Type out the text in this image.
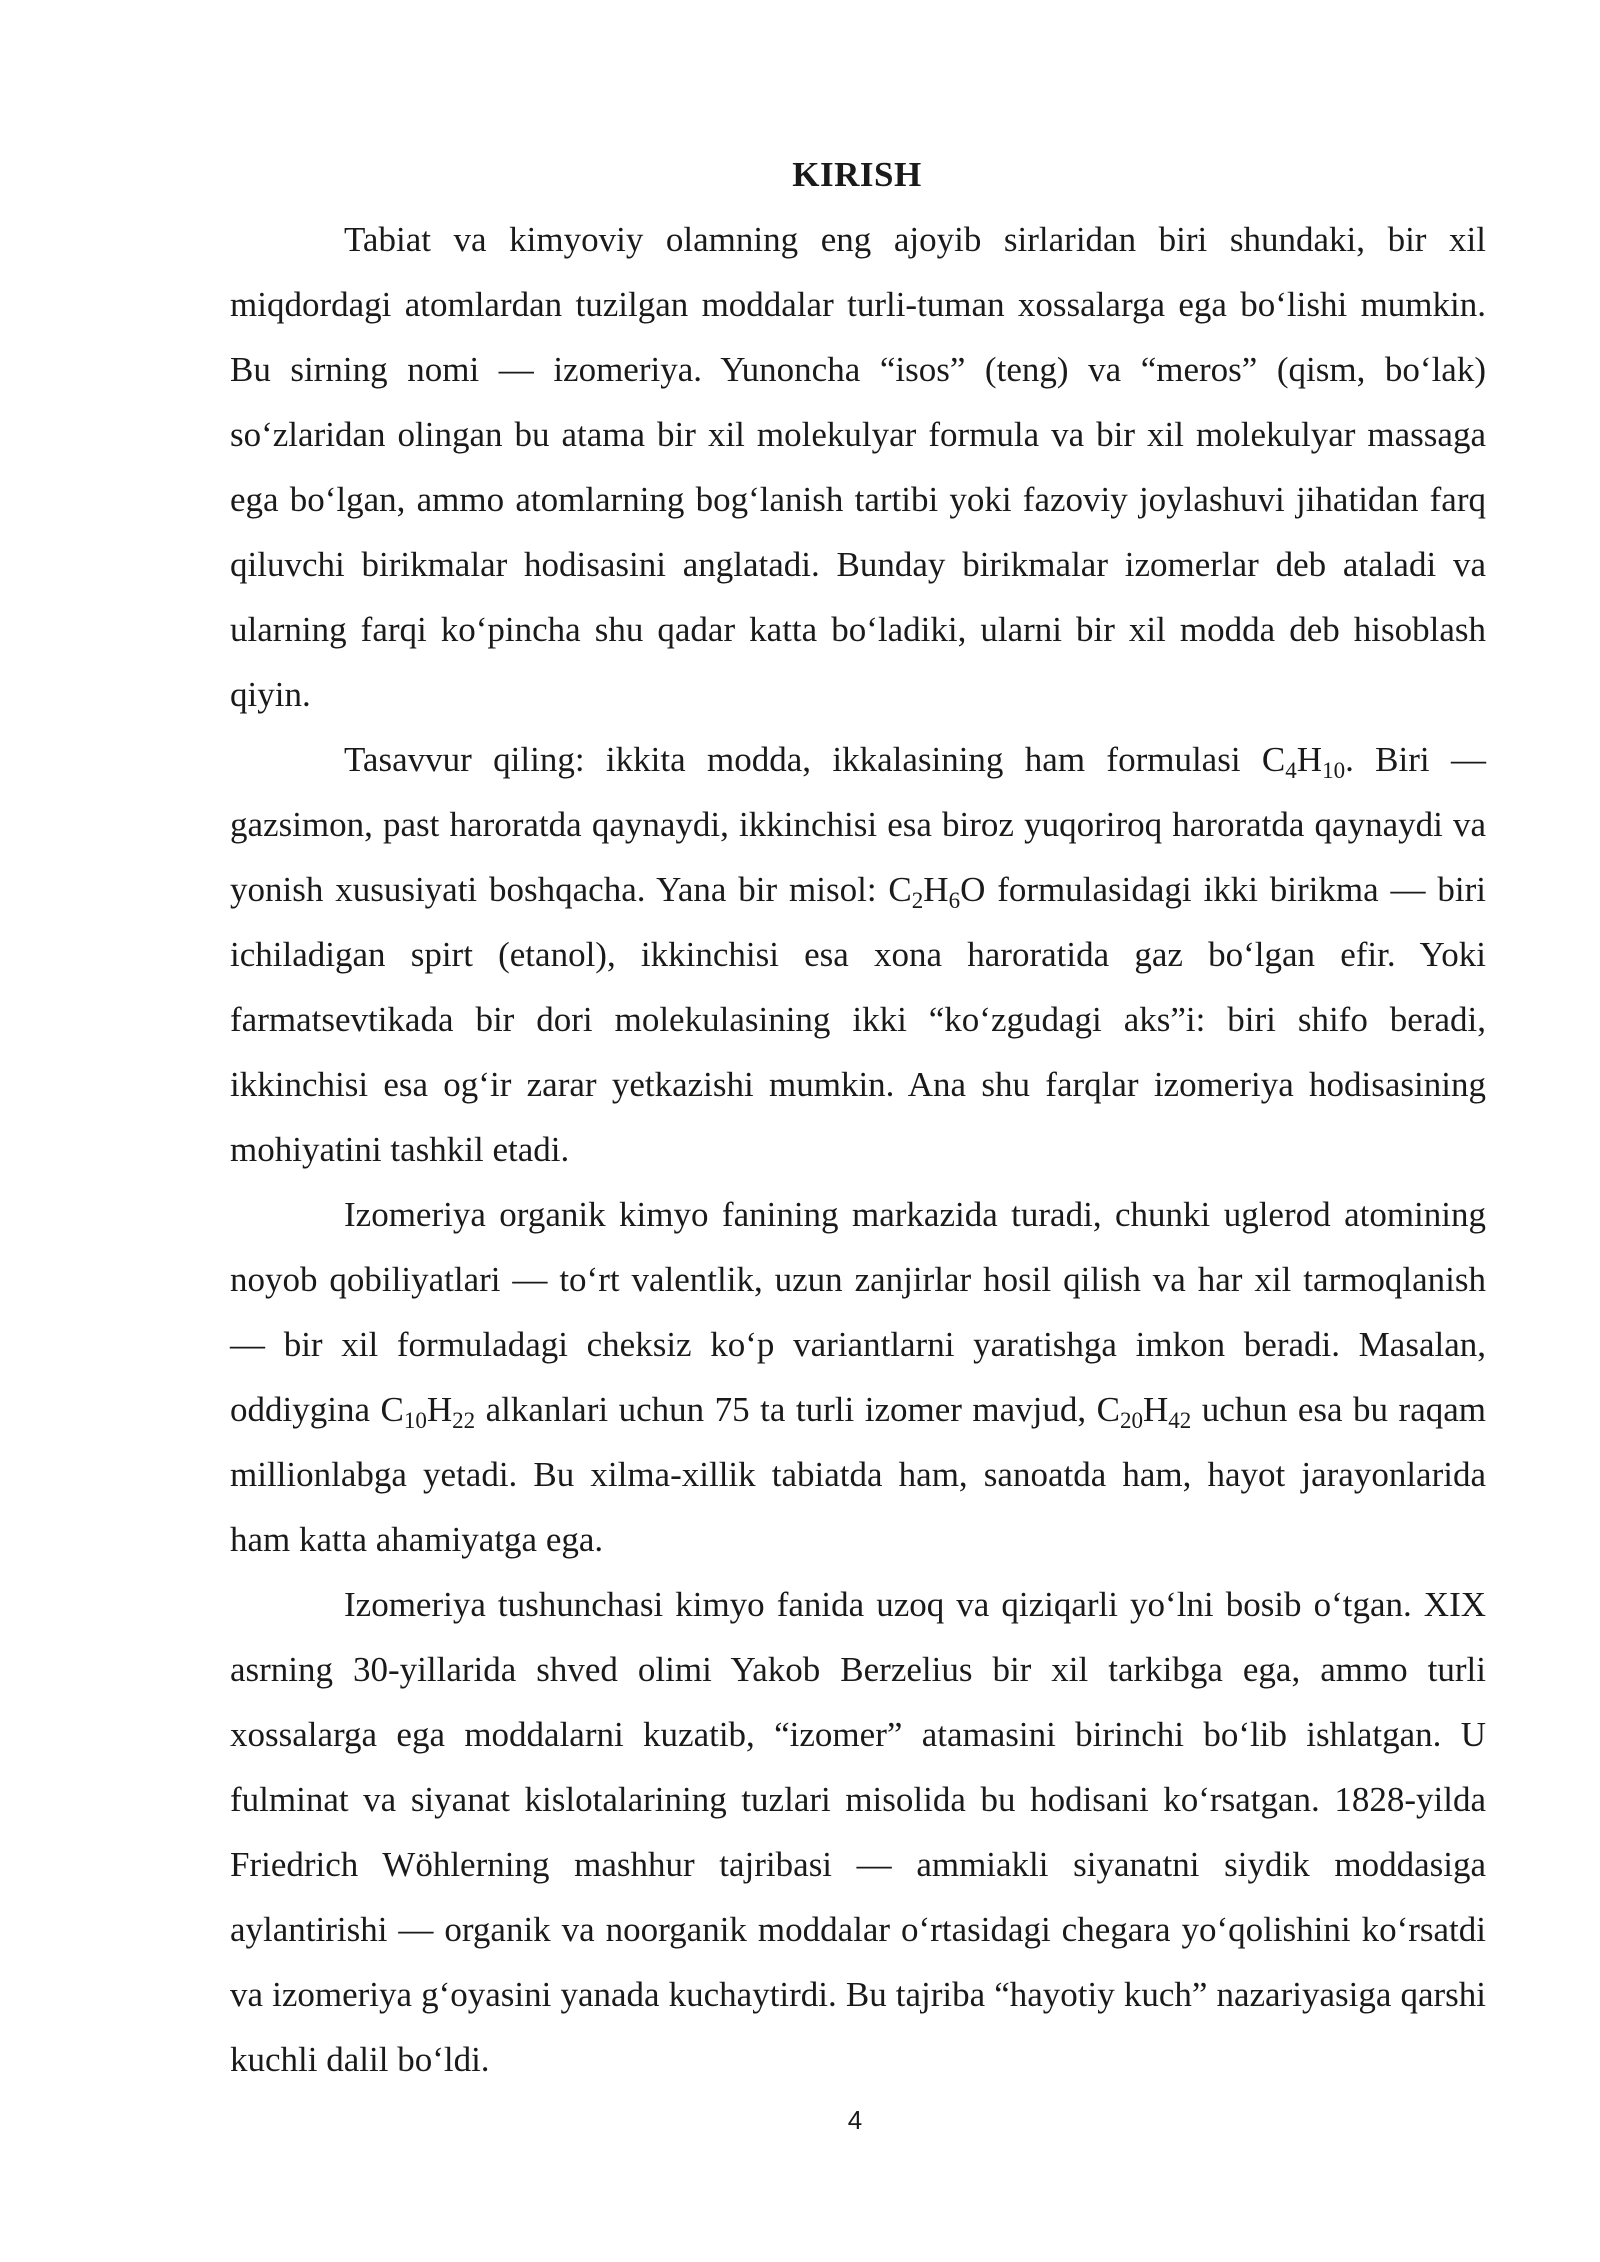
KIRISH

Tabiat va kimyoviy olamning eng ajoyib sirlaridan biri shundaki, bir xil miqdordagi atomlardan tuzilgan moddalar turli-tuman xossalarga ega bo‘lishi mumkin. Bu sirning nomi — izomeriya. Yunoncha “isos” (teng) va “meros” (qism, bo‘lak) so‘zlaridan olingan bu atama bir xil molekulyar formula va bir xil molekulyar massaga ega bo‘lgan, ammo atomlarning bog‘lanish tartibi yoki fazoviy joylashuvi jihatidan farq qiluvchi birikmalar hodisasini anglatadi. Bunday birikmalar izomerlar deb ataladi va ularning farqi ko‘pincha shu qadar katta bo‘ladiki, ularni bir xil modda deb hisoblash qiyin.

Tasavvur qiling: ikkita modda, ikkalasining ham formulasi $C_4H_{10}$. Biri — gazsimon, past haroratda qaynaydi, ikkinchisi esa biroz yuqoriroq haroratda qaynaydi va yonish xususiyati boshqacha. Yana bir misol: $C_2H_6O$ formulasidagi ikki birikma — biri ichiladigan spirt (etanol), ikkinchisi esa xona haroratida gaz bo‘lgan efir. Yoki farmatsevtikada bir dori molekulasining ikki “ko‘zgudagi aks”i: biri shifo beradi, ikkinchisi esa og‘ir zarar yetkazishi mumkin. Ana shu farqlar izomeriya hodisasining mohiyatini tashkil etadi.

Izomeriya organik kimyo fanining markazida turadi, chunki uglerod atomining noyob qobiliyatlari — to‘rt valentlik, uzun zanjirlar hosil qilish va har xil tarmoqlanish — bir xil formuladagi cheksiz ko‘p variantlarni yaratishga imkon beradi. Masalan, oddiygina $C_{10}H_{22}$ alkanlari uchun 75 ta turli izomer mavjud, $C_{20}H_{42}$ uchun esa bu raqam millionlabga yetadi. Bu xilma-xillik tabiatda ham, sanoatda ham, hayot jarayonlarida ham katta ahamiyatga ega.

Izomeriya tushunchasi kimyo fanida uzoq va qiziqarli yo‘lni bosib o‘tgan. XIX asrning 30-yillarida shved olimi Yakob Berzelius bir xil tarkibga ega, ammo turli xossalarga ega moddalarni kuzatib, “izomer” atamasini birinchi bo‘lib ishlatgan. U fulminat va siyanat kislotalarining tuzlari misolida bu hodisani ko‘rsatgan. 1828-yilda Friedrich Wöhlerning mashhur tajribasi — ammiakli siyanatni siydik moddasiga aylantirishi — organik va noorganik moddalar o‘rtasidagi chegara yo‘qolishini ko‘rsatdi va izomeriya g‘oyasini yanada kuchaytirdi. Bu tajriba “hayotiy kuch” nazariyasiga qarshi kuchli dalil bo‘ldi.

4
